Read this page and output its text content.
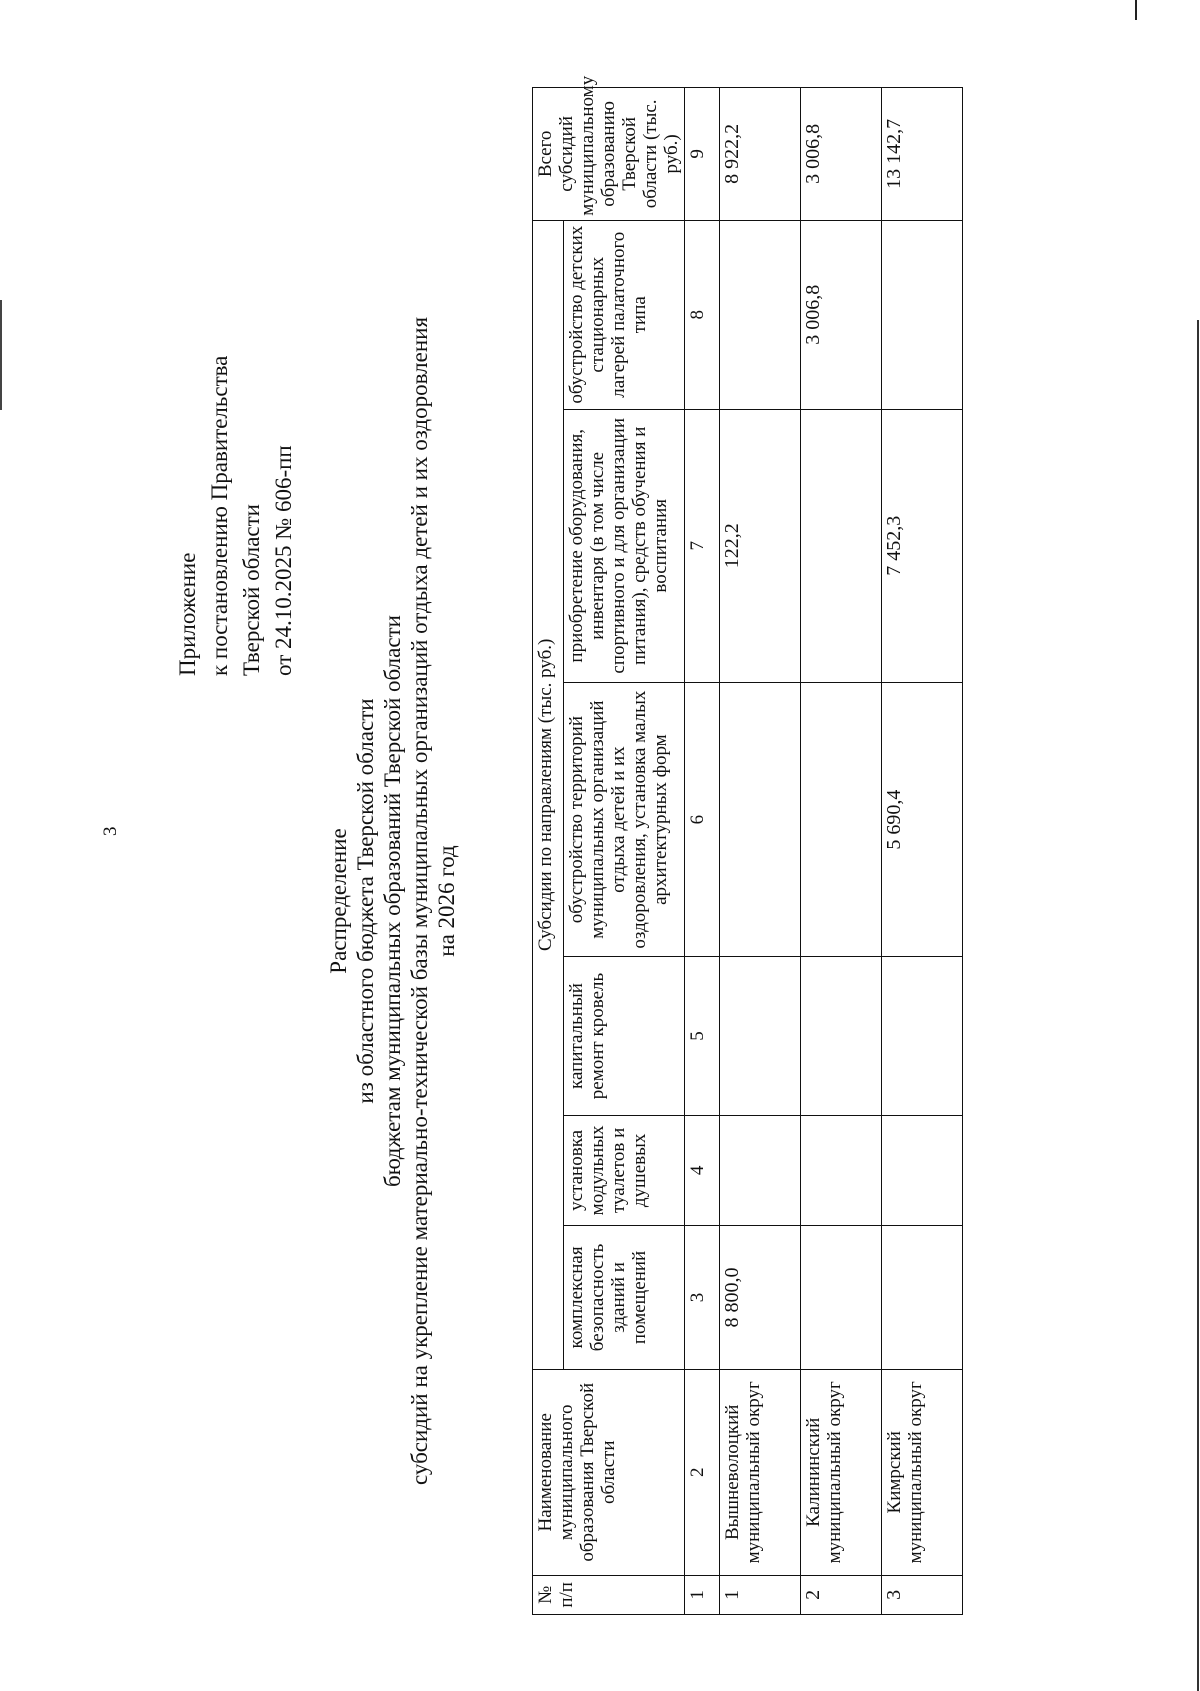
3
Приложение к постановлению Правительства Тверской области от 24.10.2025 № 606-пп
Распределение из областного бюджета Тверской области бюджетам муниципальных образований Тверской области субсидий на укрепление материально-технической базы муниципальных организаций отдыха детей и их оздоровления на 2026 год
№ п/п	Наименование муниципального образования Тверской области	Субсидии по направлениям (тыс. руб.)						Всего субсидий муниципальному образованию Тверской области (тыс. руб.)
		комплексная безопасность зданий и помещений	установка модульных туалетов и душевых	капитальный ремонт кровель	обустройство территорий муниципальных организаций отдыха детей и их оздоровления, установка малых архитектурных форм	приобретение оборудования, инвентаря (в том числе спортивного и для организации питания), средств обучения и воспитания	обустройство детских стационарных лагерей палаточного типа	
1	2	3	4	5	6	7	8	9
1	Вышневолоцкий муниципальный округ	8 800,0				122,2		8 922,2
2	Калининский муниципальный округ						3 006,8	3 006,8
3	Кимрский муниципальный округ				5 690,4	7 452,3		13 142,7
